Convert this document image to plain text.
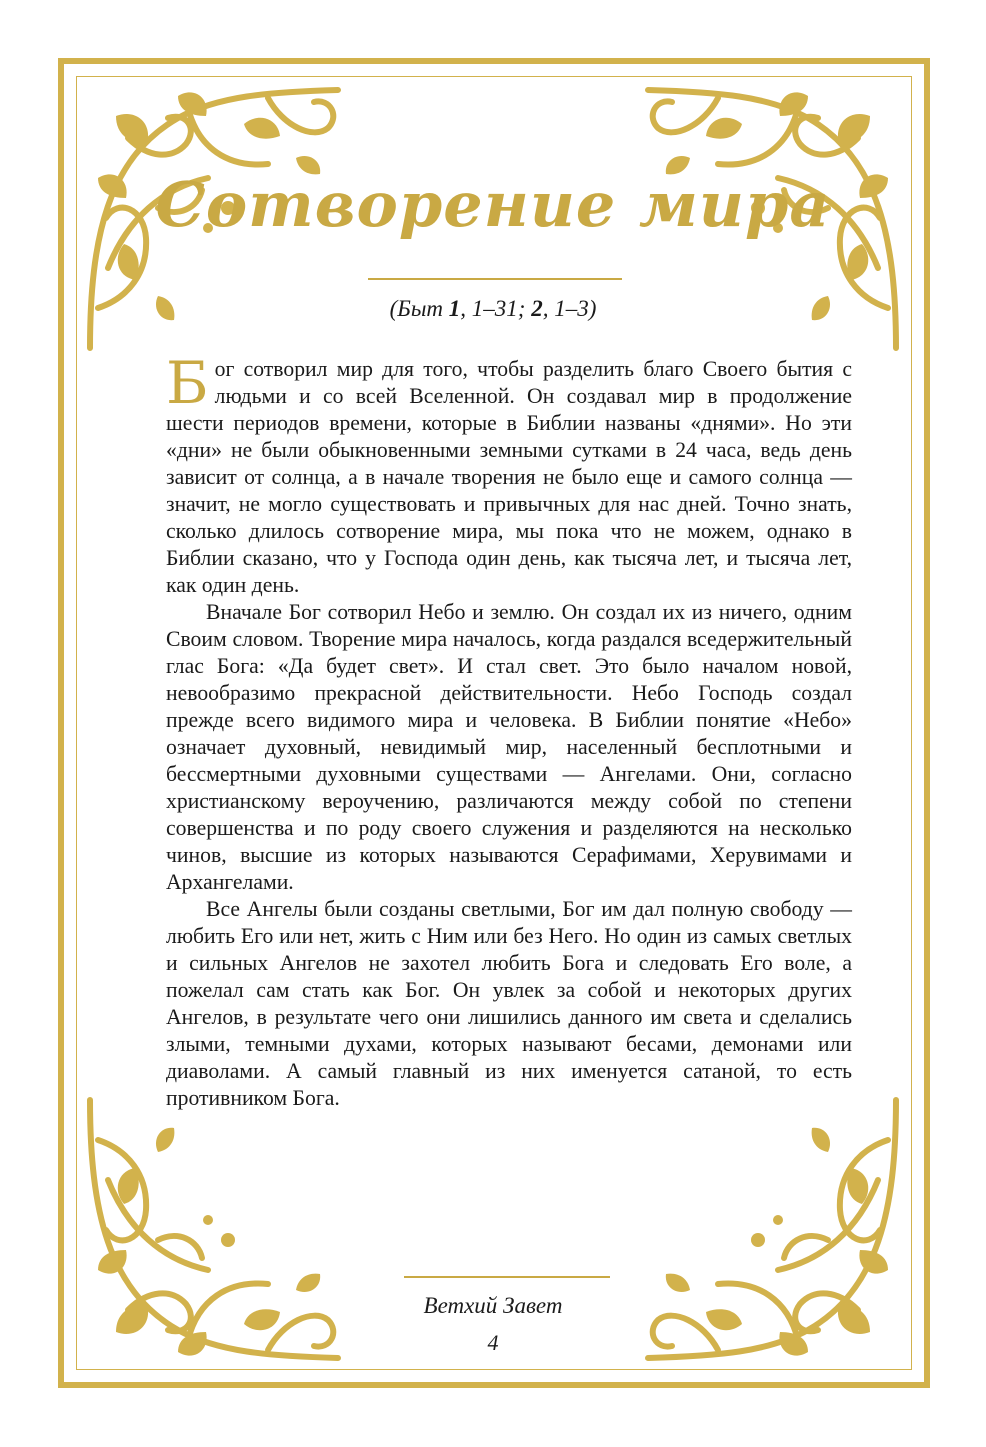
Сотворение мира
(Быт 1, 1–31; 2, 1–3)

Бог сотворил мир для того, чтобы разделить благо Своего бытия с людьми и со всей Вселенной. Он создавал мир в продолжение шести периодов времени, которые в Библии названы «днями». Но эти «дни» не были обыкновенными земными сутками в 24 часа, ведь день зависит от солнца, а в начале творения не было еще и самого солнца — значит, не могло существовать и привычных для нас дней. Точно знать, сколько длилось сотворение мира, мы пока что не можем, однако в Библии сказано, что у Господа один день, как тысяча лет, и тысяча лет, как один день.

Вначале Бог сотворил Небо и землю. Он создал их из ничего, одним Своим словом. Творение мира началось, когда раздался вседержительный глас Бога: «Да будет свет». И стал свет. Это было началом новой, невообразимо прекрасной действительности. Небо Господь создал прежде всего видимого мира и человека. В Библии понятие «Небо» означает духовный, невидимый мир, населенный бесплотными и бессмертными духовными существами — Ангелами. Они, согласно христианскому вероучению, различаются между собой по степени совершенства и по роду своего служения и разделяются на несколько чинов, высшие из которых называются Серафимами, Херувимами и Архангелами.

Все Ангелы были созданы светлыми, Бог им дал полную свободу — любить Его или нет, жить с Ним или без Него. Но один из самых светлых и сильных Ангелов не захотел любить Бога и следовать Его воле, а пожелал сам стать как Бог. Он увлек за собой и некоторых других Ангелов, в результате чего они лишились данного им света и сделались злыми, темными духами, которых называют бесами, демонами или диаволами. А самый главный из них именуется сатаной, то есть противником Бога.

Ветхий Завет
4
